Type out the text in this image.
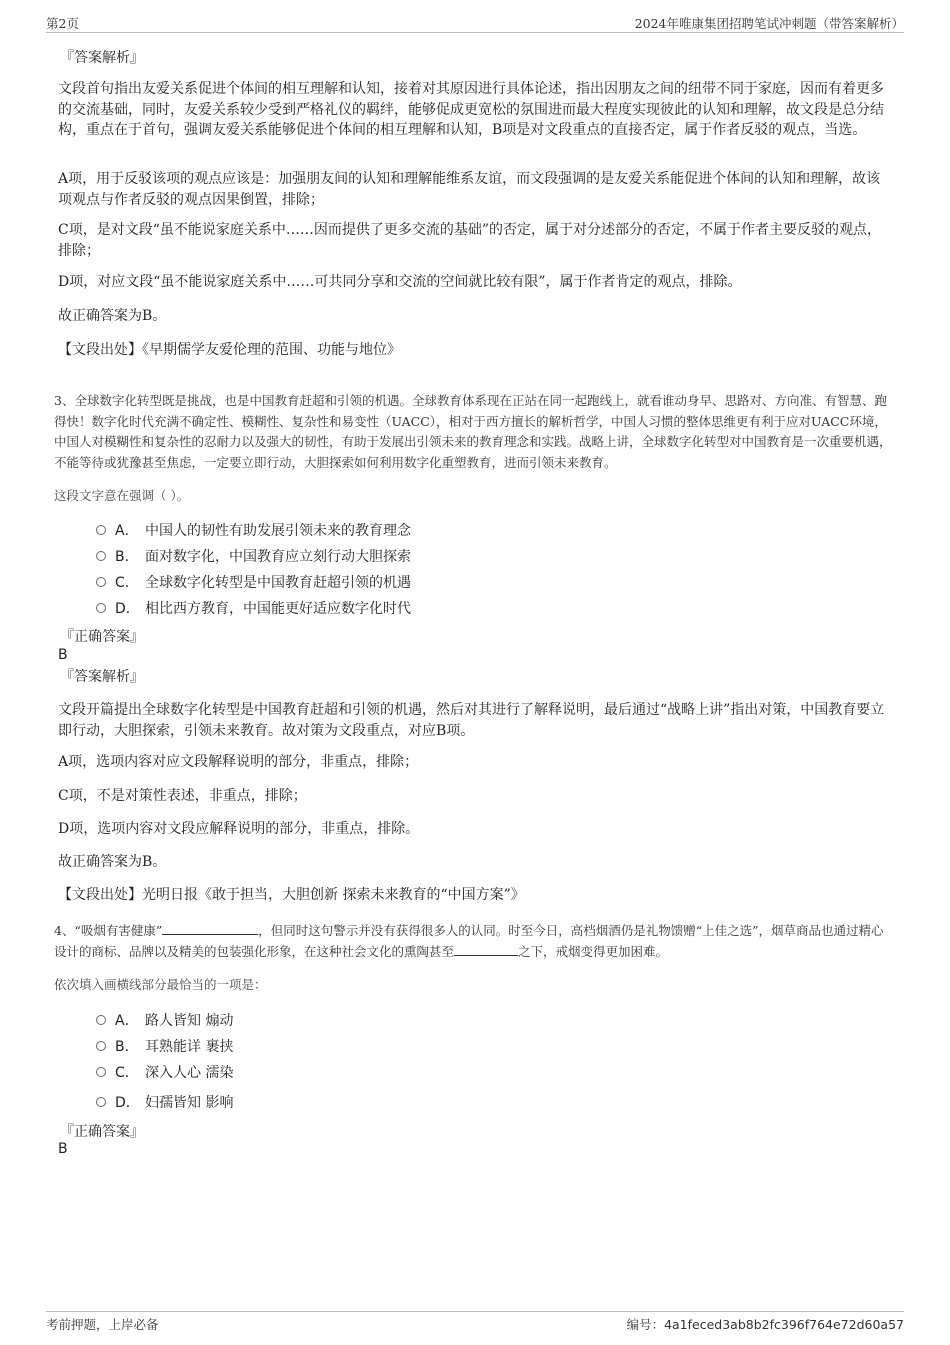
第2页	2024年唯康集团招聘笔试冲刺题（带答案解析）
『答案解析』
文段首句指出友爱关系促进个体间的相互理解和认知，接着对其原因进行具体论述，指出因朋友之间的纽带不同于家庭，因而有着更多的交流基础，同时，友爱关系较少受到严格礼仪的羁绊，能够促成更宽松的氛围进而最大程度实现彼此的认知和理解，故文段是总分结构，重点在于首句，强调友爱关系能够促进个体间的相互理解和认知，B项是对文段重点的直接否定，属于作者反驳的观点，当选。
A项，用于反驳该项的观点应该是：加强朋友间的认知和理解能维系友谊，而文段强调的是友爱关系能促进个体间的认知和理解，故该项观点与作者反驳的观点因果倒置，排除；
C项，是对文段“虽不能说家庭关系中……因而提供了更多交流的基础”的否定，属于对分述部分的否定，不属于作者主要反驳的观点，排除；
D项，对应文段“虽不能说家庭关系中……可共同分享和交流的空间就比较有限”，属于作者肯定的观点，排除。
故正确答案为B。
【文段出处】《早期儒学友爱伦理的范围、功能与地位》
3、全球数字化转型既是挑战，也是中国教育赶超和引领的机遇。全球教育体系现在正站在同一起跑线上，就看谁动身早、思路对、方向准、有智慧、跑得快！数字化时代充满不确定性、模糊性、复杂性和易变性（UACC），相对于西方擅长的解析哲学，中国人习惯的整体思维更有利于应对UACC环境，中国人对模糊性和复杂性的忍耐力以及强大的韧性，有助于发展出引领未来的教育理念和实践。战略上讲，全球数字化转型对中国教育是一次重要机遇，不能等待或犹豫甚至焦虑，一定要立即行动，大胆探索如何利用数字化重塑教育，进而引领未来教育。
这段文字意在强调（ ）。
A． 中国人的韧性有助发展引领未来的教育理念
B． 面对数字化，中国教育应立刻行动大胆探索
C． 全球数字化转型是中国教育赶超引领的机遇
D． 相比西方教育，中国能更好适应数字化时代
『正确答案』
B
『答案解析』
文段开篇提出全球数字化转型是中国教育赶超和引领的机遇，然后对其进行了解释说明，最后通过“战略上讲”指出对策，中国教育要立即行动，大胆探索，引领未来教育。故对策为文段重点，对应B项。
A项，选项内容对应文段解释说明的部分，非重点，排除；
C项，不是对策性表述，非重点，排除；
D项，选项内容对文段应解释说明的部分，非重点，排除。
故正确答案为B。
【文段出处】光明日报《敢于担当，大胆创新 探索未来教育的“中国方案”》
4、“吸烟有害健康”	，但同时这句警示并没有获得很多人的认同。时至今日，高档烟酒仍是礼物馈赠“上佳之选”，烟草商品也通过精心设计的商标、品牌以及精美的包装强化形象，在这种社会文化的熏陶甚至	之下，戒烟变得更加困难。
依次填入画横线部分最恰当的一项是：
A． 路人皆知 煽动
B． 耳熟能详 裹挟
C． 深入人心 濡染
D． 妇孺皆知 影响
『正确答案』
B
考前押题，上岸必备	编号：4a1feced3ab8b2fc396f764e72d60a57
